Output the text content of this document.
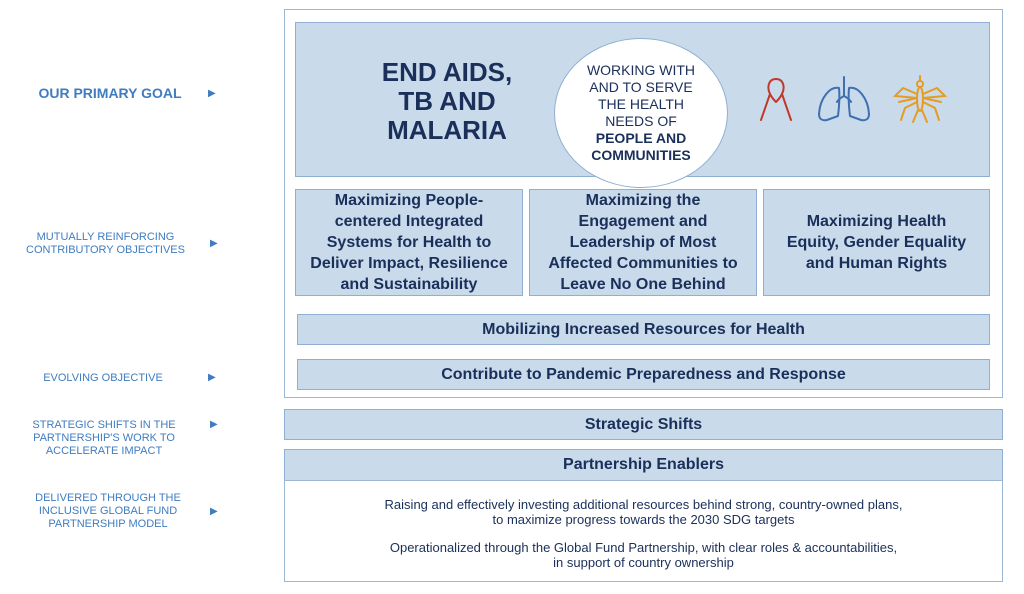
OUR PRIMARY GOAL	▶
MUTUALLY REINFORCING
CONTRIBUTORY OBJECTIVES
▶
EVOLVING OBJECTIVE	▶
STRATEGIC SHIFTS IN THE
PARTNERSHIP'S WORK TO
ACCELERATE IMPACT
▶
DELIVERED THROUGH THE
INCLUSIVE GLOBAL FUND
PARTNERSHIP MODEL
▶
END AIDS,
TB AND
MALARIA
WORKING WITH
AND TO SERVE
THE HEALTH
NEEDS OF
PEOPLE AND
COMMUNITIES
Maximizing People-
centered Integrated
Systems for Health to
Deliver Impact, Resilience
and Sustainability
Maximizing the
Engagement and
Leadership of Most
Affected Communities to
Leave No One Behind
Maximizing Health
Equity, Gender Equality
and Human Rights
Mobilizing Increased Resources for Health
Contribute to Pandemic Preparedness and Response
Strategic Shifts
Partnership Enablers
Raising and effectively investing additional resources behind strong, country-owned plans,
to maximize progress towards the 2030 SDG targets
Operationalized through the Global Fund Partnership, with clear roles & accountabilities,
in support of country ownership
